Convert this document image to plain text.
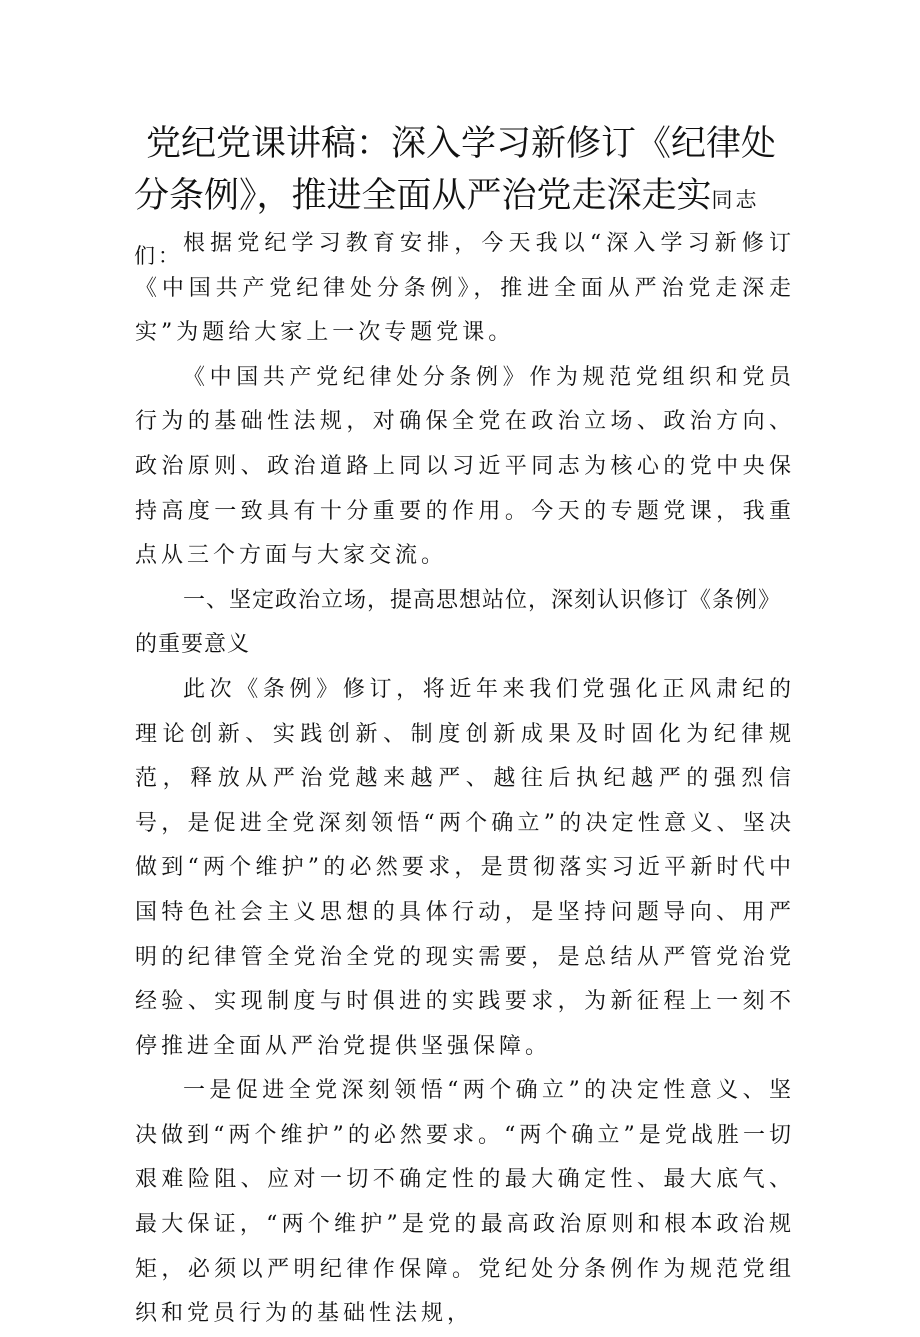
党纪党课讲稿：深入学习新修订《纪律处分条例》，推进全面从严治党走深走实同志们： 根据党纪学习教育安排，今天我以“深入学习新修订《中国共产党纪律处分条例》，推进全面从严治党走深走实”为题给大家上一次专题党课。

《中国共产党纪律处分条例》作为规范党组织和党员行为的基础性法规，对确保全党在政治立场、政治方向、政治原则、政治道路上同以习近平同志为核心的党中央保持高度一致具有十分重要的作用。今天的专题党课，我重点从三个方面与大家交流。

一、坚定政治立场，提高思想站位，深刻认识修订《条例》的重要意义

此次《条例》修订，将近年来我们党强化正风肃纪的理论创新、实践创新、制度创新成果及时固化为纪律规范，释放从严治党越来越严、越往后执纪越严的强烈信号，是促进全党深刻领悟“两个确立”的决定性意义、坚决做到“两个维护”的必然要求，是贯彻落实习近平新时代中国特色社会主义思想的具体行动，是坚持问题导向、用严明的纪律管全党治全党的现实需要，是总结从严管党治党经验、实现制度与时俱进的实践要求，为新征程上一刻不停推进全面从严治党提供坚强保障。

一是促进全党深刻领悟“两个确立”的决定性意义、坚决做到“两个维护”的必然要求。“两个确立”是党战胜一切艰难险阻、应对一切不确定性的最大确定性、最大底气、最大保证，“两个维护”是党的最高政治原则和根本政治规矩，必须以严明纪律作保障。党纪处分条例作为规范党组织和党员行为的基础性法规，
